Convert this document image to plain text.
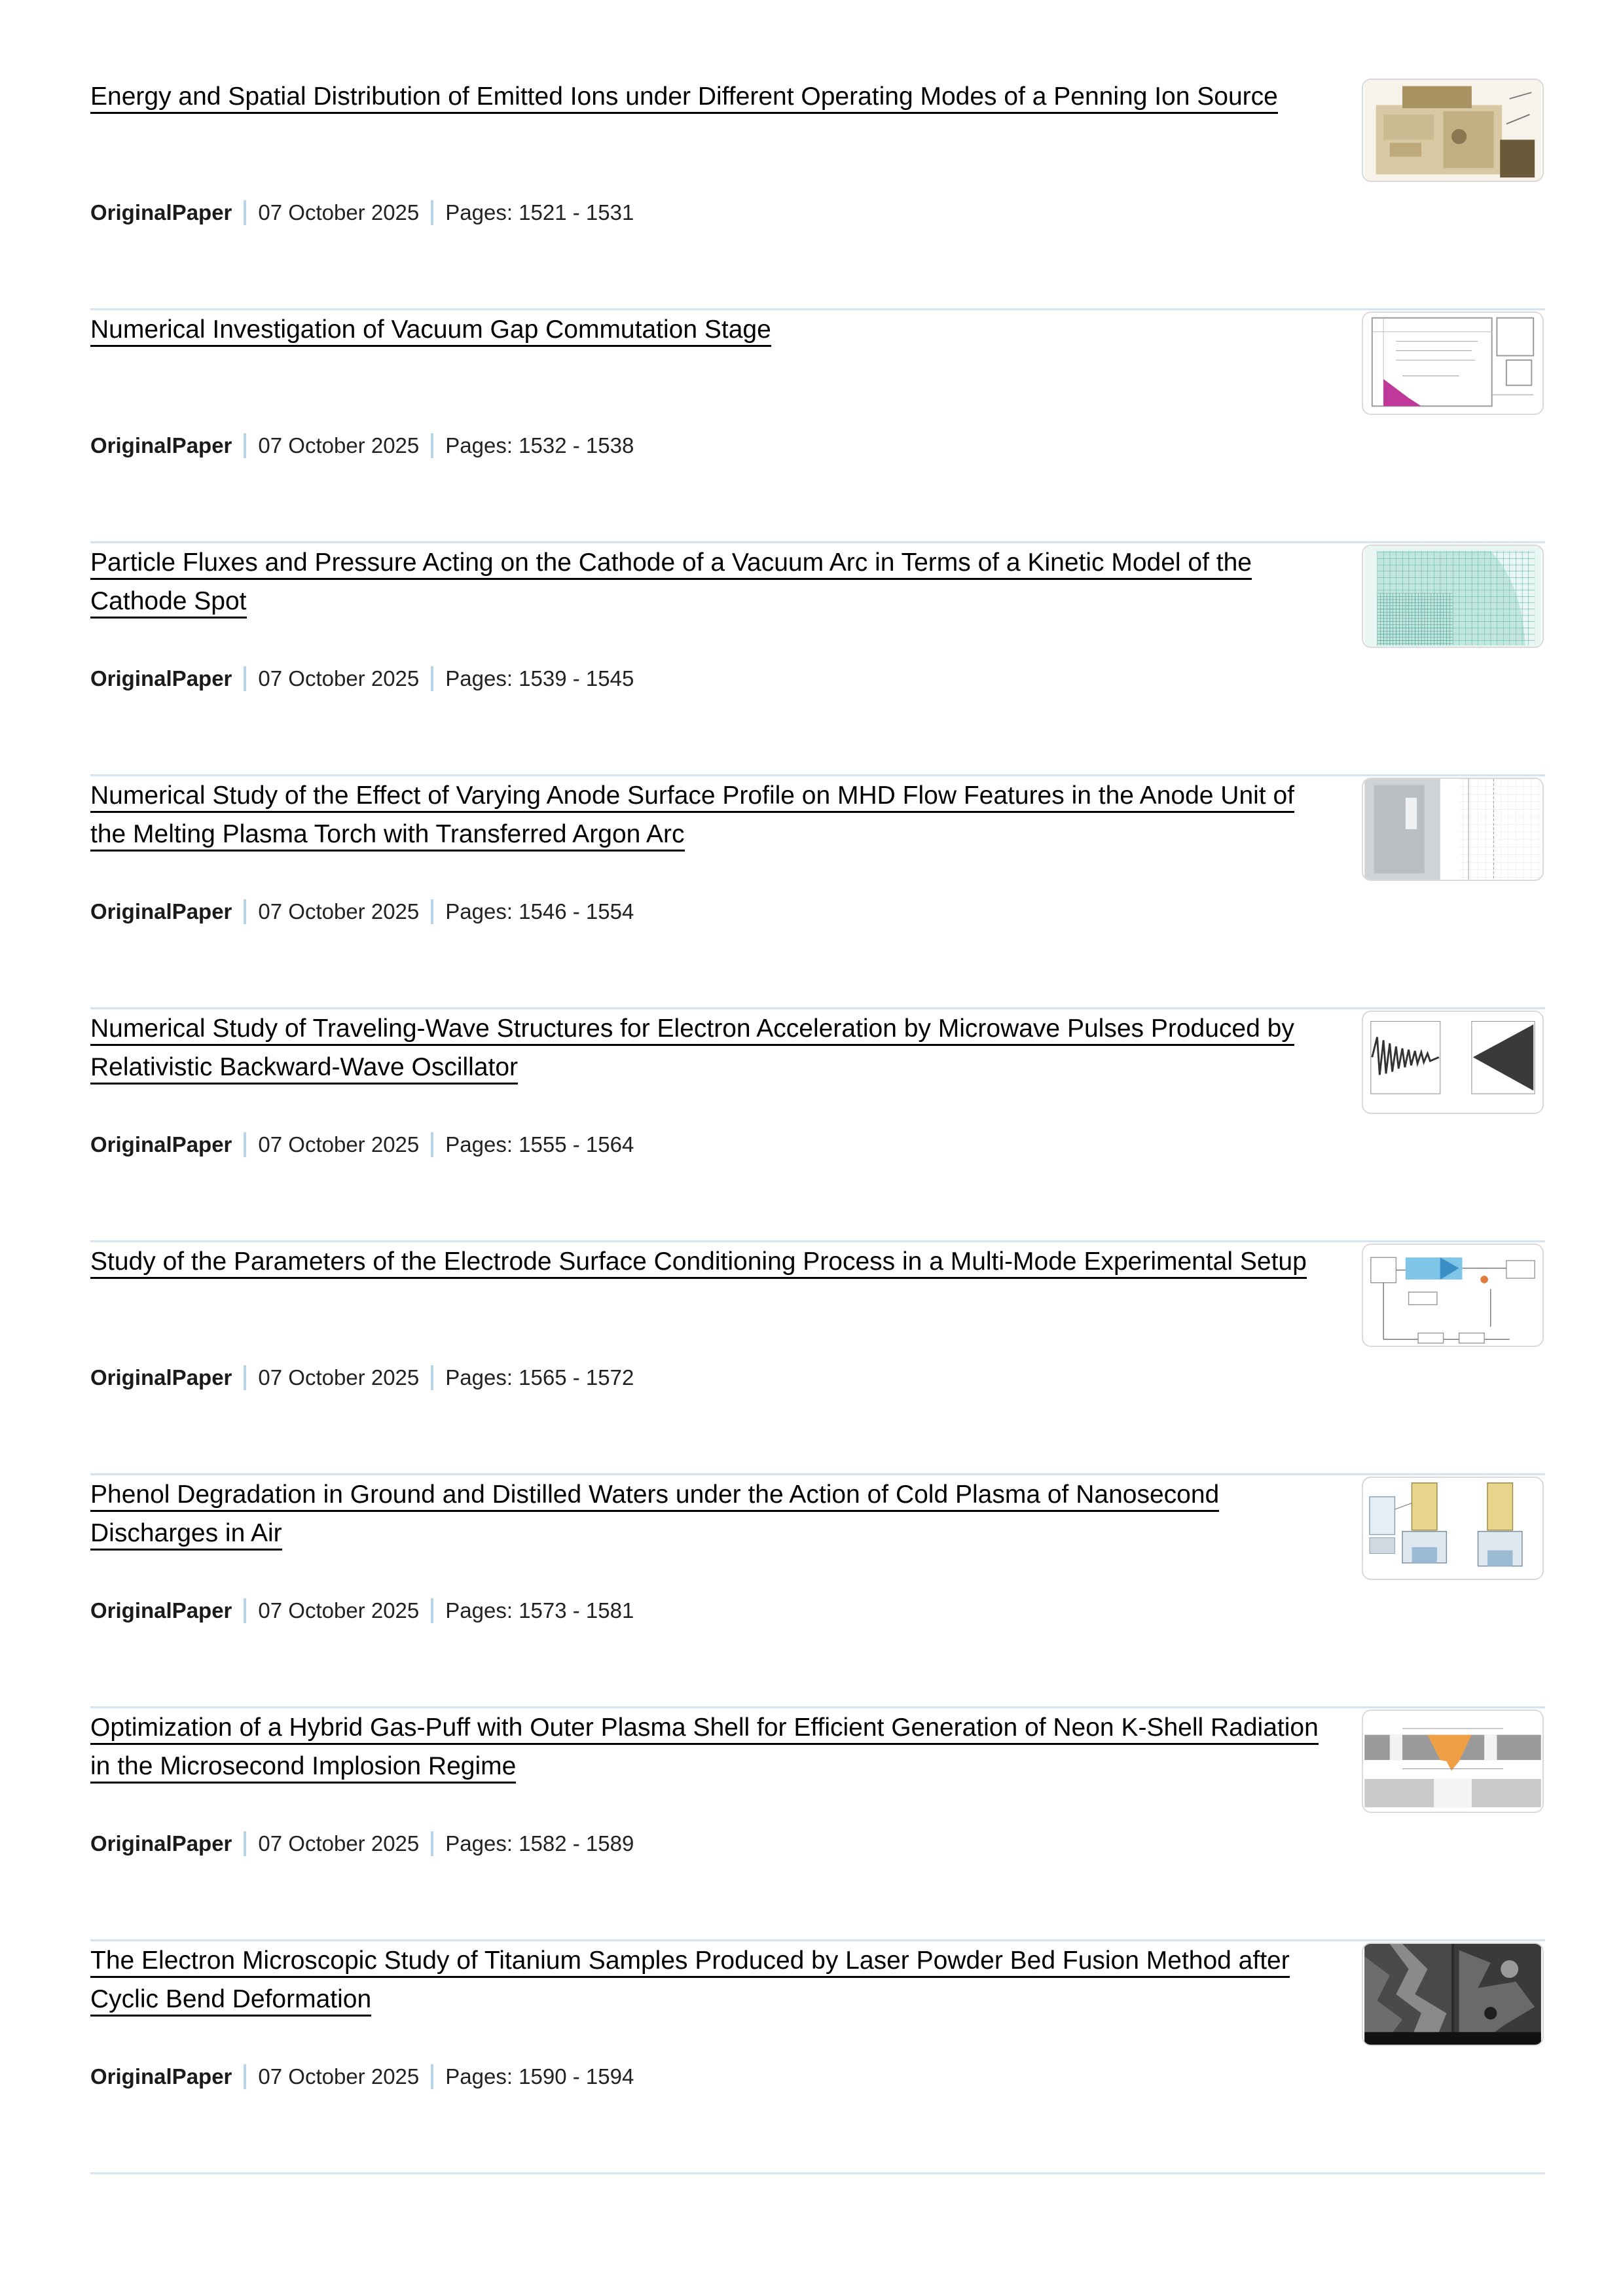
Energy and Spatial Distribution of Emitted Ions under Different Operating Modes of a Penning Ion Source
OriginalPaper 07 October 2025 Pages: 1521 - 1531
Numerical Investigation of Vacuum Gap Commutation Stage
OriginalPaper 07 October 2025 Pages: 1532 - 1538
Particle Fluxes and Pressure Acting on the Cathode of a Vacuum Arc in Terms of a Kinetic Model of the Cathode Spot
OriginalPaper 07 October 2025 Pages: 1539 - 1545
Numerical Study of the Effect of Varying Anode Surface Profile on MHD Flow Features in the Anode Unit of the Melting Plasma Torch with Transferred Argon Arc
OriginalPaper 07 October 2025 Pages: 1546 - 1554
Numerical Study of Traveling-Wave Structures for Electron Acceleration by Microwave Pulses Produced by Relativistic Backward-Wave Oscillator
OriginalPaper 07 October 2025 Pages: 1555 - 1564
Study of the Parameters of the Electrode Surface Conditioning Process in a Multi-Mode Experimental Setup
OriginalPaper 07 October 2025 Pages: 1565 - 1572
Phenol Degradation in Ground and Distilled Waters under the Action of Cold Plasma of Nanosecond Discharges in Air
OriginalPaper 07 October 2025 Pages: 1573 - 1581
Optimization of a Hybrid Gas-Puff with Outer Plasma Shell for Efficient Generation of Neon K-Shell Radiation in the Microsecond Implosion Regime
OriginalPaper 07 October 2025 Pages: 1582 - 1589
The Electron Microscopic Study of Titanium Samples Produced by Laser Powder Bed Fusion Method after Cyclic Bend Deformation
OriginalPaper 07 October 2025 Pages: 1590 - 1594
